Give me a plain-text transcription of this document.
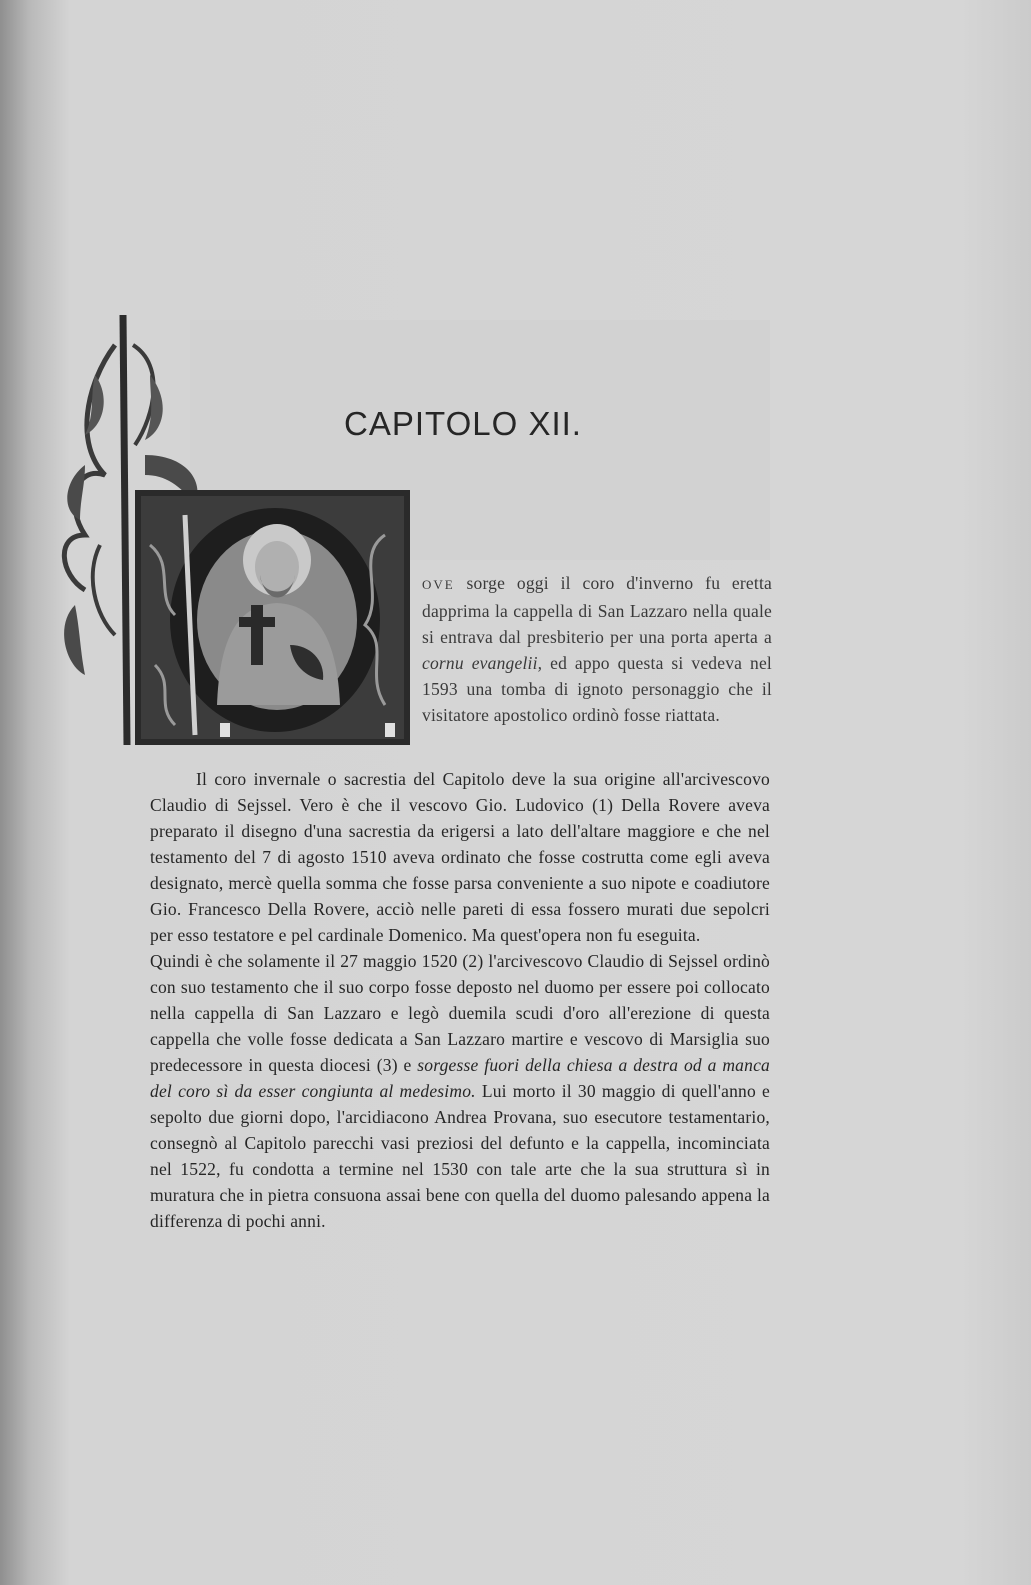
CAPITOLO XII.
OVE sorge oggi il coro d'inverno fu eretta dapprima la cappella di San Lazzaro nella quale si entrava dal presbiterio per una porta aperta a cornu evangelii, ed appo questa si vedeva nel 1593 una tomba di ignoto personaggio che il visitatore apostolico ordinò fosse riattata.

Il coro invernale o sacrestia del Capitolo deve la sua origine all'arcivescovo Claudio di Sejssel. Vero è che il vescovo Gio. Ludovico (1) Della Rovere aveva preparato il disegno d'una sacrestia da erigersi a lato dell'altare maggiore e che nel testamento del 7 di agosto 1510 aveva ordinato che fosse costrutta come egli aveva designato, mercè quella somma che fosse parsa conveniente a suo nipote e coadiutore Gio. Francesco Della Rovere, acciò nelle pareti di essa fossero murati due sepolcri per esso testatore e pel cardinale Domenico. Ma quest'opera non fu eseguita.

Quindi è che solamente il 27 maggio 1520 (2) l'arcivescovo Claudio di Sejssel ordinò con suo testamento che il suo corpo fosse deposto nel duomo per essere poi collocato nella cappella di San Lazzaro e legò duemila scudi d'oro all'erezione di questa cappella che volle fosse dedicata a San Lazzaro martire e vescovo di Marsiglia suo predecessore in questa diocesi (3) e sorgesse fuori della chiesa a destra od a manca del coro sì da esser congiunta al medesimo. Lui morto il 30 maggio di quell'anno e sepolto due giorni dopo, l'arcidiacono Andrea Provana, suo esecutore testamentario, consegnò al Capitolo parecchi vasi preziosi del defunto e la cappella, incominciata nel 1522, fu condotta a termine nel 1530 con tale arte che la sua struttura sì in muratura che in pietra consuona assai bene con quella del duomo palesando appena la differenza di pochi anni.
